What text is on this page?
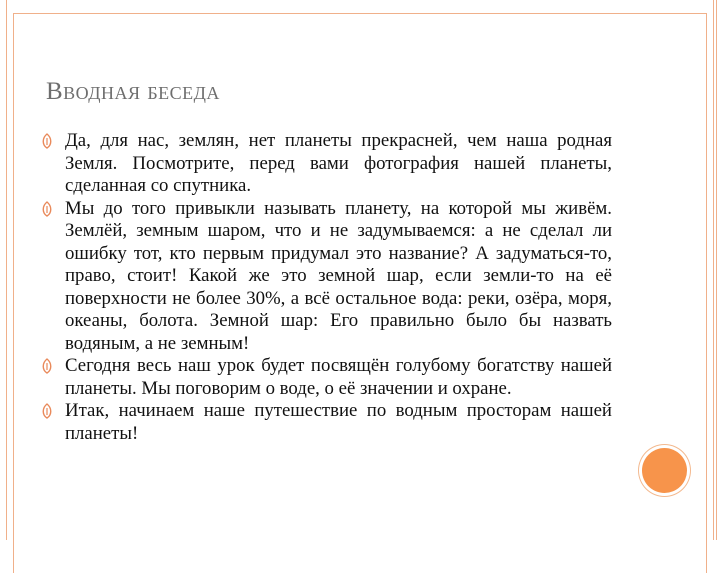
Вводная беседа
Да, для нас, землян, нет планеты прекрасней, чем наша родная Земля. Посмотрите, перед вами фотография нашей планеты, сделанная со спутника.
Мы до того привыкли называть планету, на которой мы живём. Землёй, земным шаром, что и не задумываемся: а не сделал ли ошибку тот, кто первым придумал это название? А задуматься-то, право, стоит! Какой же это земной шар, если земли-то на её поверхности не более 30%, а всё остальное вода: реки, озёра, моря, океаны, болота. Земной шар: Его правильно было бы назвать водяным, а не земным!
Сегодня весь наш урок будет посвящён голубому богатству нашей планеты. Мы поговорим о воде, о её значении и охране.
Итак, начинаем наше путешествие по водным просторам нашей планеты!
